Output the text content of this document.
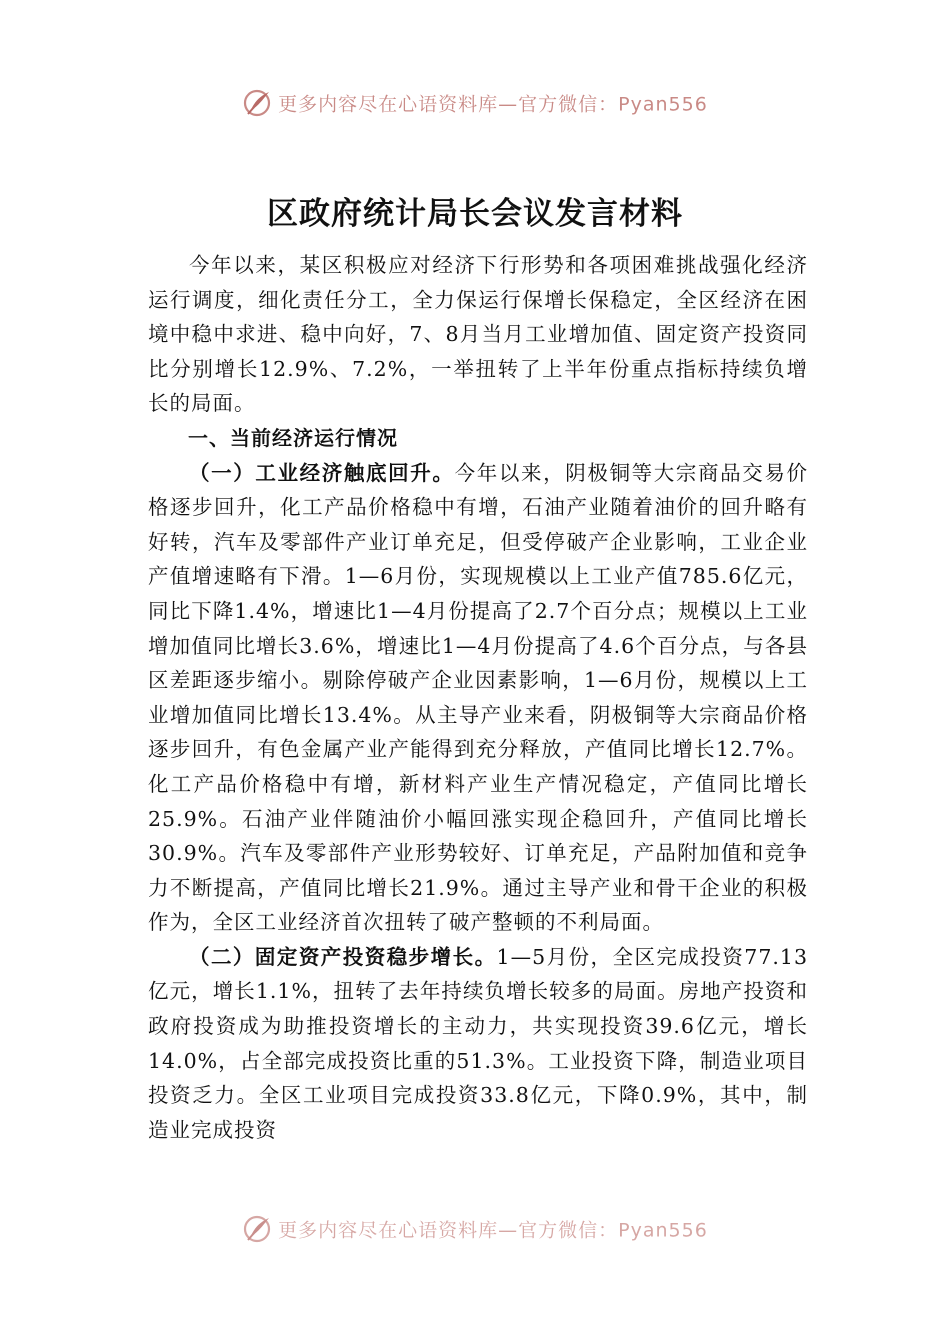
更多内容尽在心语资料库—官方微信：Pyan556
区政府统计局长会议发言材料

今年以来，某区积极应对经济下行形势和各项困难挑战强化经济运行调度，细化责任分工，全力保运行保增长保稳定，全区经济在困境中稳中求进、稳中向好，7、8月当月工业增加值、固定资产投资同比分别增长12.9%、7.2%，一举扭转了上半年份重点指标持续负增长的局面。

一、当前经济运行情况

（一）工业经济触底回升。今年以来，阴极铜等大宗商品交易价格逐步回升，化工产品价格稳中有增，石油产业随着油价的回升略有好转，汽车及零部件产业订单充足，但受停破产企业影响，工业企业产值增速略有下滑。1—6月份，实现规模以上工业产值785.6亿元，同比下降1.4%，增速比1—4月份提高了2.7个百分点；规模以上工业增加值同比增长3.6%，增速比1—4月份提高了4.6个百分点，与各县区差距逐步缩小。剔除停破产企业因素影响，1—6月份，规模以上工业增加值同比增长13.4%。从主导产业来看，阴极铜等大宗商品价格逐步回升，有色金属产业产能得到充分释放，产值同比增长12.7%。化工产品价格稳中有增，新材料产业生产情况稳定，产值同比增长25.9%。石油产业伴随油价小幅回涨实现企稳回升，产值同比增长30.9%。汽车及零部件产业形势较好、订单充足，产品附加值和竞争力不断提高，产值同比增长21.9%。通过主导产业和骨干企业的积极作为，全区工业经济首次扭转了破产整顿的不利局面。

（二）固定资产投资稳步增长。1—5月份，全区完成投资77.13亿元，增长1.1%，扭转了去年持续负增长较多的局面。房地产投资和政府投资成为助推投资增长的主动力，共实现投资39.6亿元，增长14.0%，占全部完成投资比重的51.3%。工业投资下降，制造业项目投资乏力。全区工业项目完成投资33.8亿元，下降0.9%，其中，制造业完成投资

更多内容尽在心语资料库—官方微信：Pyan556
